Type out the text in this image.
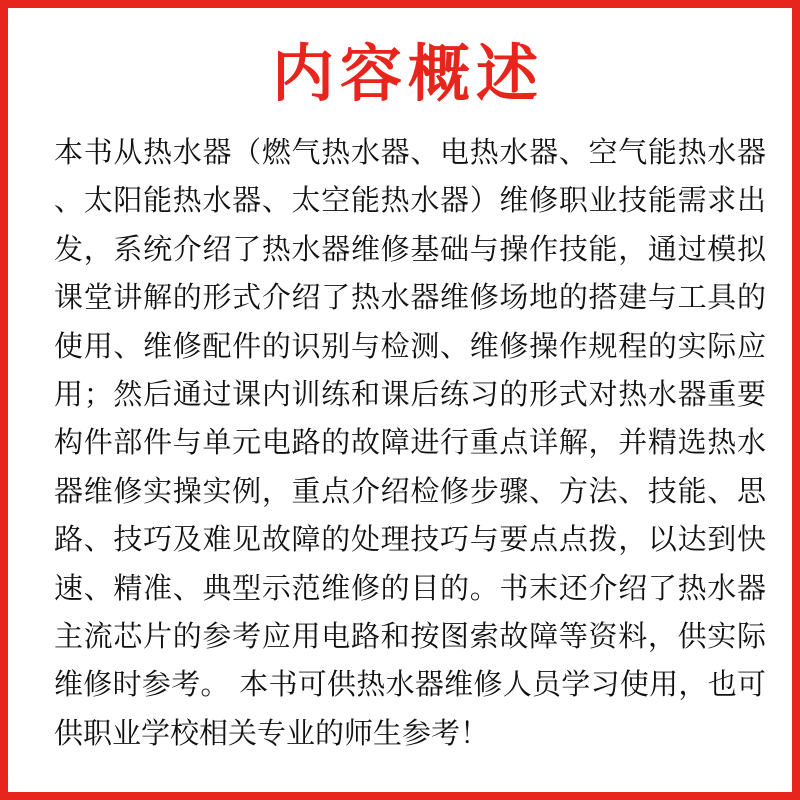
内容概述
本书从热水器（燃气热水器、电热水器、空气能热水器
、太阳能热水器、太空能热水器）维修职业技能需求出
发，系统介绍了热水器维修基础与操作技能，通过模拟
课堂讲解的形式介绍了热水器维修场地的搭建与工具的
使用、维修配件的识别与检测、维修操作规程的实际应
用；然后通过课内训练和课后练习的形式对热水器重要
构件部件与单元电路的故障进行重点详解，并精选热水
器维修实操实例，重点介绍检修步骤、方法、技能、思
路、技巧及难见故障的处理技巧与要点点拨，以达到快
速、精准、典型示范维修的目的。书末还介绍了热水器
主流芯片的参考应用电路和按图索故障等资料，供实际
维修时参考。 本书可供热水器维修人员学习使用，也可
供职业学校相关专业的师生参考！
